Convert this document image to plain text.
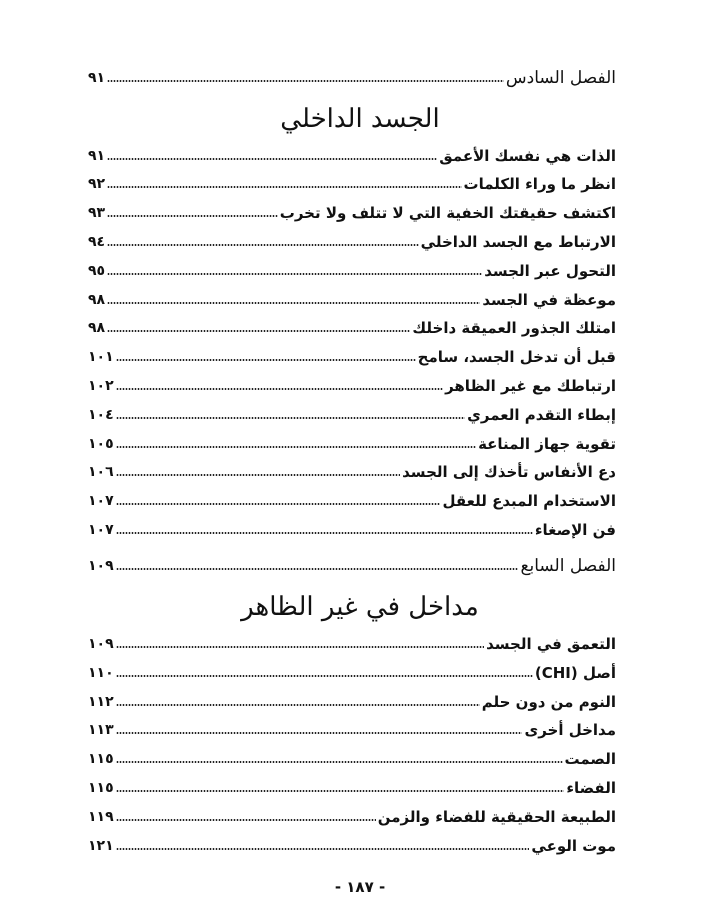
الفصل السادس
٩١
الجسد الداخلي
الذات هي نفسك الأعمق
٩١
انظر ما وراء الكلمات
٩٢
اكتشف حقيقتك الخفية التي لا تتلف ولا تخرب
٩٣
الارتباط مع الجسد الداخلي
٩٤
التحول عبر الجسد
٩٥
موعظة في الجسد
٩٨
امتلك الجذور العميقة داخلك
٩٨
قبل أن تدخل الجسد، سامح
١٠١
ارتباطك مع غير الظاهر
١٠٢
إبطاء التقدم العمري
١٠٤
تقوية جهاز المناعة
١٠٥
دع الأنفاس تأخذك إلى الجسد
١٠٦
الاستخدام المبدع للعقل
١٠٧
فن الإصغاء
١٠٧
الفصل السابع
١٠٩
مداخل في غير الظاهر
التعمق في الجسد
١٠٩
أصل (CHI)
١١٠
النوم من دون حلم
١١٢
مداخل أخرى
١١٣
الصمت
١١٥
الفضاء
١١٥
الطبيعة الحقيقية للفضاء والزمن
١١٩
موت الوعي
١٢١
- ١٨٧ -
